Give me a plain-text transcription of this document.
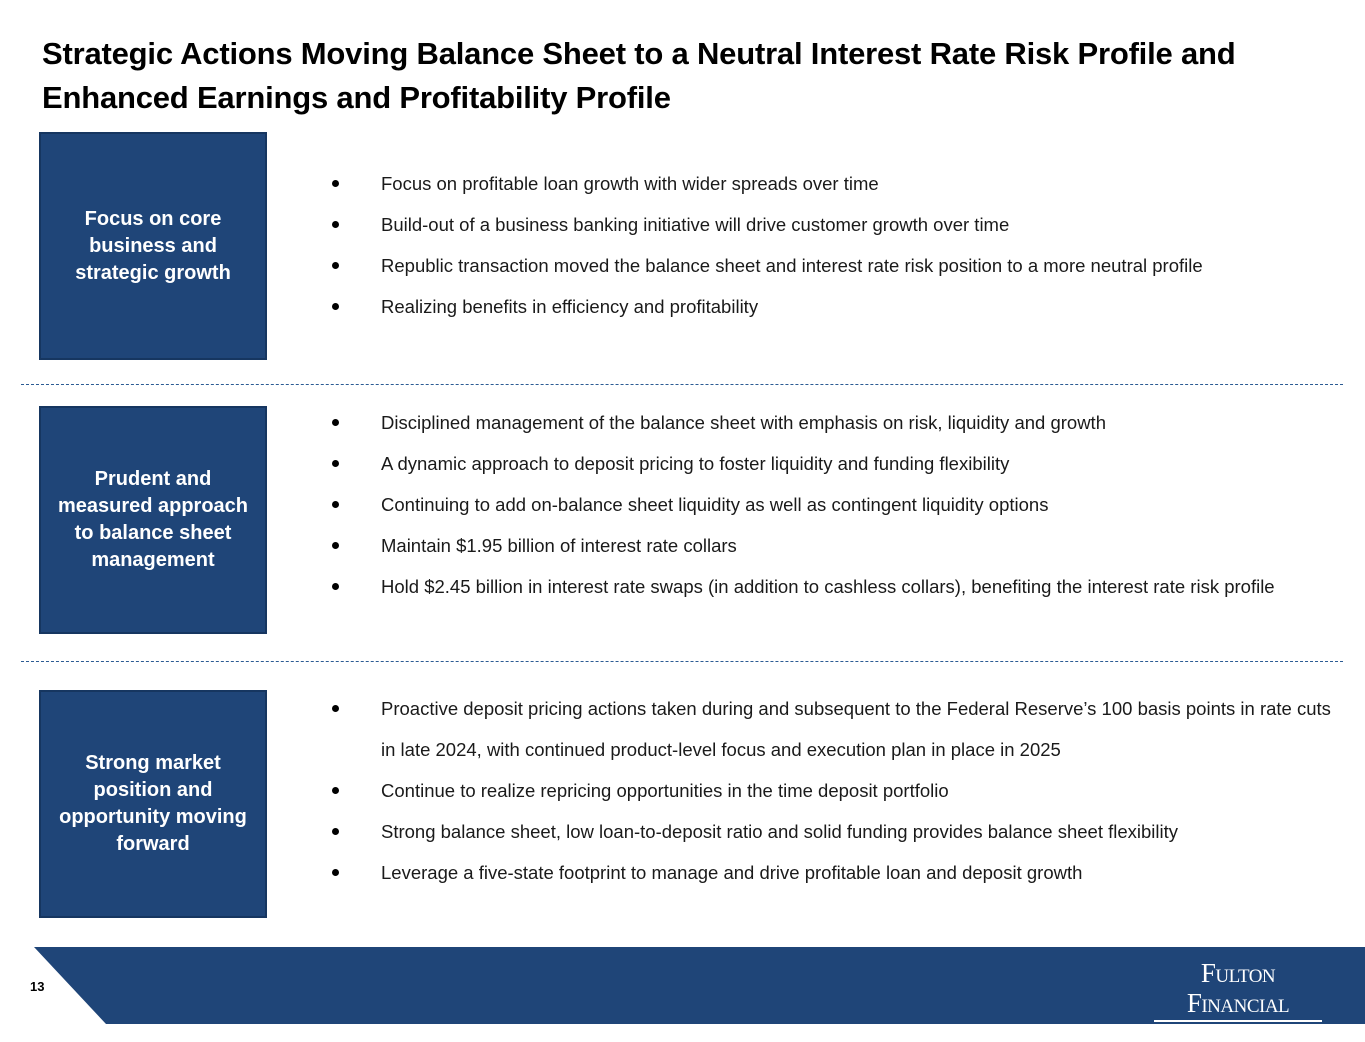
Strategic Actions Moving Balance Sheet to a Neutral Interest Rate Risk Profile and Enhanced Earnings and Profitability Profile
Focus on core business and strategic growth
Focus on profitable loan growth with wider spreads over time
Build-out of a business banking initiative will drive customer growth over time
Republic transaction moved the balance sheet and interest rate risk position to a more neutral profile
Realizing benefits in efficiency and profitability
Prudent and measured approach to balance sheet management
Disciplined management of the balance sheet with emphasis on risk, liquidity and growth
A dynamic approach to deposit pricing to foster liquidity and funding flexibility
Continuing to add on-balance sheet liquidity as well as contingent liquidity options
Maintain $1.95 billion of interest rate collars
Hold $2.45 billion in interest rate swaps (in addition to cashless collars), benefiting the interest rate risk profile
Strong market position and opportunity moving forward
Proactive deposit pricing actions taken during and subsequent to the Federal Reserve’s 100 basis points in rate cuts in late 2024, with continued product-level focus and execution plan in place in 2025
Continue to realize repricing opportunities in the time deposit portfolio
Strong balance sheet, low loan-to-deposit ratio and solid funding provides balance sheet flexibility
Leverage a five-state footprint to manage and drive profitable loan and deposit growth
13	Fulton Financial
Corporation
